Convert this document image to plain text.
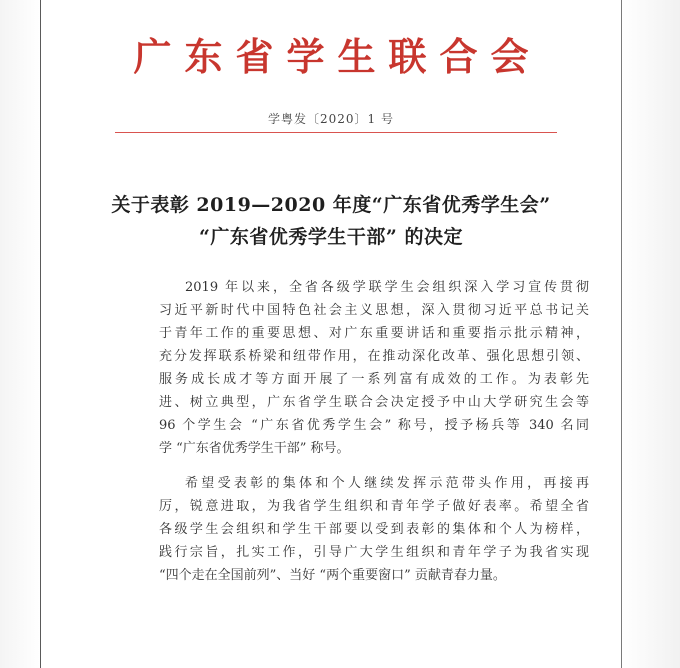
广东省学生联合会
学粤发〔2020〕1 号
关于表彰 2019—2020 年度“广东省优秀学生会”
“广东省优秀学生干部” 的决定
2019 年以来，全省各级学联学生会组织深入学习宣传贯彻
习近平新时代中国特色社会主义思想，深入贯彻习近平总书记关
于青年工作的重要思想、对广东重要讲话和重要指示批示精神，
充分发挥联系桥梁和纽带作用，在推动深化改革、强化思想引领、
服务成长成才等方面开展了一系列富有成效的工作。为表彰先
进、树立典型，广东省学生联合会决定授予中山大学研究生会等
96 个学生会 “广东省优秀学生会” 称号，授予杨兵等 340 名同
学 “广东省优秀学生干部” 称号。
希望受表彰的集体和个人继续发挥示范带头作用，再接再
厉，锐意进取，为我省学生组织和青年学子做好表率。希望全省
各级学生会组织和学生干部要以受到表彰的集体和个人为榜样，
践行宗旨，扎实工作，引导广大学生组织和青年学子为我省实现
“四个走在全国前列”、当好 “两个重要窗口” 贡献青春力量。
